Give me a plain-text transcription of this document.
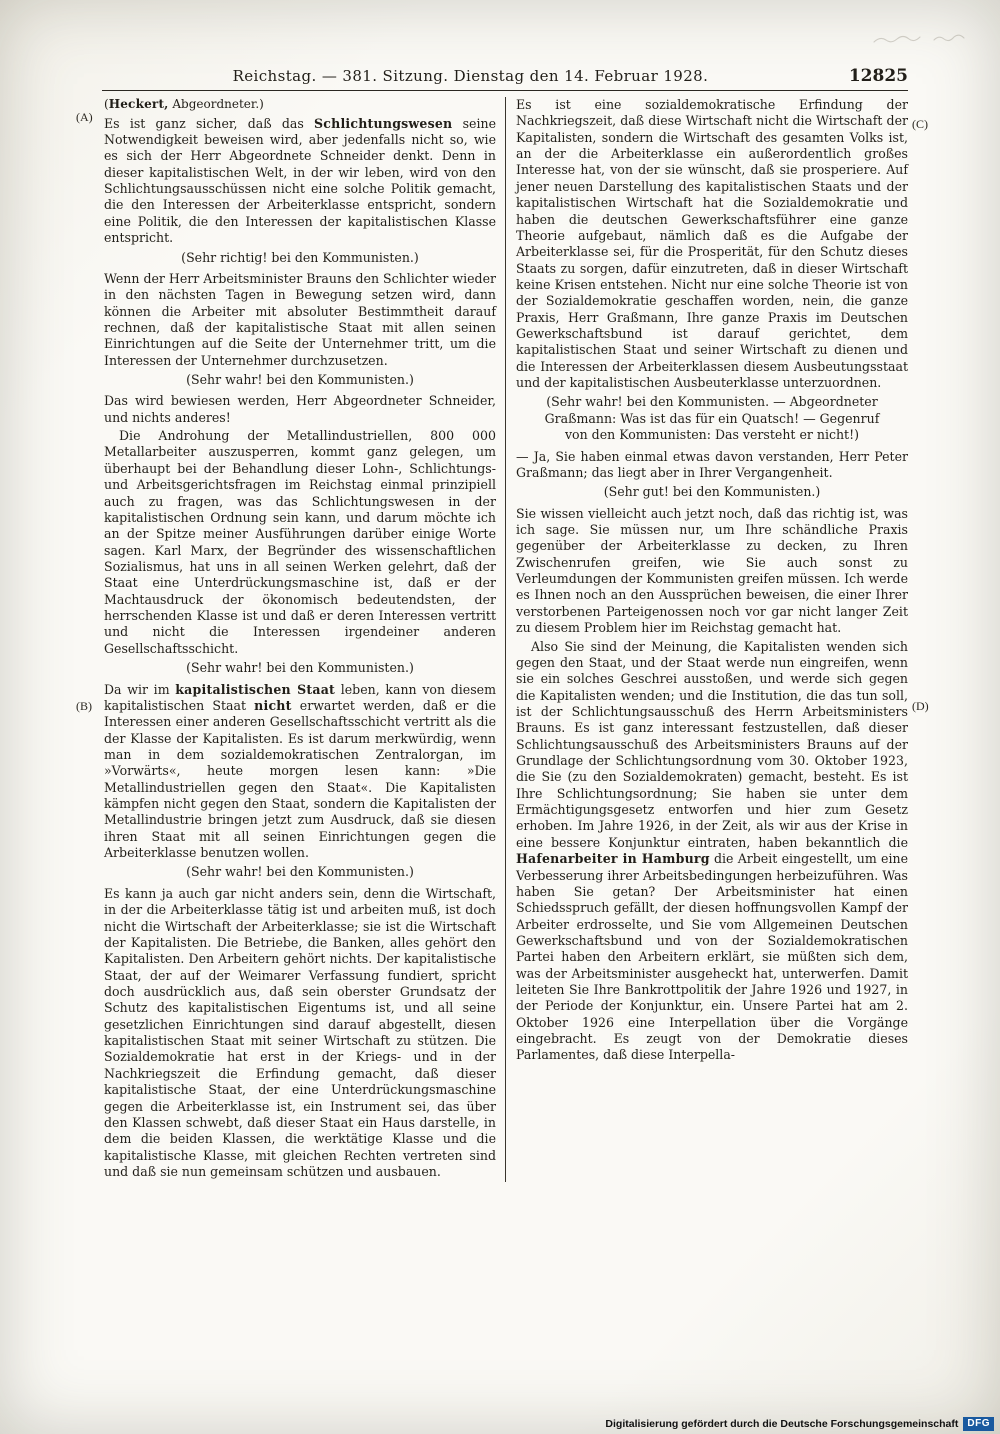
Reichstag. — 381. Sitzung. Dienstag den 14. Februar 1928.	12825
(A)
(B)
(C)
(D)

(Heckert, Abgeordneter.)

Es ist ganz sicher, daß das Schlichtungswesen seine Notwendigkeit beweisen wird, aber jedenfalls nicht so, wie es sich der Herr Abgeordnete Schneider denkt. Denn in dieser kapitalistischen Welt, in der wir leben, wird von den Schlichtungsausschüssen nicht eine solche Politik gemacht, die den Interessen der Arbeiterklasse entspricht, sondern eine Politik, die den Interessen der kapitalistischen Klasse entspricht.

(Sehr richtig! bei den Kommunisten.)

Wenn der Herr Arbeitsminister Brauns den Schlichter wieder in den nächsten Tagen in Bewegung setzen wird, dann können die Arbeiter mit absoluter Bestimmtheit darauf rechnen, daß der kapitalistische Staat mit allen seinen Einrichtungen auf die Seite der Unternehmer tritt, um die Interessen der Unternehmer durchzusetzen.

(Sehr wahr! bei den Kommunisten.)

Das wird bewiesen werden, Herr Abgeordneter Schneider, und nichts anderes!

Die Androhung der Metallindustriellen, 800 000 Metallarbeiter auszusperren, kommt ganz gelegen, um überhaupt bei der Behandlung dieser Lohn-, Schlichtungs- und Arbeitsgerichtsfragen im Reichstag einmal prinzipiell auch zu fragen, was das Schlichtungswesen in der kapitalistischen Ordnung sein kann, und darum möchte ich an der Spitze meiner Ausführungen darüber einige Worte sagen. Karl Marx, der Begründer des wissenschaftlichen Sozialismus, hat uns in all seinen Werken gelehrt, daß der Staat eine Unterdrückungsmaschine ist, daß er der Machtausdruck der ökonomisch bedeutendsten, der herrschenden Klasse ist und daß er deren Interessen vertritt und nicht die Interessen irgendeiner anderen Gesellschaftsschicht.

(Sehr wahr! bei den Kommunisten.)

Da wir im kapitalistischen Staat leben, kann von diesem kapitalistischen Staat nicht erwartet werden, daß er die Interessen einer anderen Gesellschaftsschicht vertritt als die der Klasse der Kapitalisten. Es ist darum merkwürdig, wenn man in dem sozialdemokratischen Zentralorgan, im »Vorwärts«, heute morgen lesen kann: »Die Metallindustriellen gegen den Staat«. Die Kapitalisten kämpfen nicht gegen den Staat, sondern die Kapitalisten der Metallindustrie bringen jetzt zum Ausdruck, daß sie diesen ihren Staat mit all seinen Einrichtungen gegen die Arbeiterklasse benutzen wollen.

(Sehr wahr! bei den Kommunisten.)

Es kann ja auch gar nicht anders sein, denn die Wirtschaft, in der die Arbeiterklasse tätig ist und arbeiten muß, ist doch nicht die Wirtschaft der Arbeiterklasse; sie ist die Wirtschaft der Kapitalisten. Die Betriebe, die Banken, alles gehört den Kapitalisten. Den Arbeitern gehört nichts. Der kapitalistische Staat, der auf der Weimarer Verfassung fundiert, spricht doch ausdrücklich aus, daß sein oberster Grundsatz der Schutz des kapitalistischen Eigentums ist, und all seine gesetzlichen Einrichtungen sind darauf abgestellt, diesen kapitalistischen Staat mit seiner Wirtschaft zu stützen. Die Sozialdemokratie hat erst in der Kriegs- und in der Nachkriegszeit die Erfindung gemacht, daß dieser kapitalistische Staat, der eine Unterdrückungsmaschine gegen die Arbeiterklasse ist, ein Instrument sei, das über den Klassen schwebt, daß dieser Staat ein Haus darstelle, in dem die beiden Klassen, die werktätige Klasse und die kapitalistische Klasse, mit gleichen Rechten vertreten sind und daß sie nun gemeinsam schützen und ausbauen.

Es ist eine sozialdemokratische Erfindung der Nachkriegszeit, daß diese Wirtschaft nicht die Wirtschaft der Kapitalisten, sondern die Wirtschaft des gesamten Volks ist, an der die Arbeiterklasse ein außerordentlich großes Interesse hat, von der sie wünscht, daß sie prosperiere. Auf jener neuen Darstellung des kapitalistischen Staats und der kapitalistischen Wirtschaft hat die Sozialdemokratie und haben die deutschen Gewerkschaftsführer eine ganze Theorie aufgebaut, nämlich daß es die Aufgabe der Arbeiterklasse sei, für die Prosperität, für den Schutz dieses Staats zu sorgen, dafür einzutreten, daß in dieser Wirtschaft keine Krisen entstehen. Nicht nur eine solche Theorie ist von der Sozialdemokratie geschaffen worden, nein, die ganze Praxis, Herr Graßmann, Ihre ganze Praxis im Deutschen Gewerkschaftsbund ist darauf gerichtet, dem kapitalistischen Staat und seiner Wirtschaft zu dienen und die Interessen der Arbeiterklassen diesem Ausbeutungsstaat und der kapitalistischen Ausbeuterklasse unterzuordnen.

(Sehr wahr! bei den Kommunisten. — Abgeordneter Graßmann: Was ist das für ein Quatsch! — Gegenruf von den Kommunisten: Das versteht er nicht!)

— Ja, Sie haben einmal etwas davon verstanden, Herr Peter Graßmann; das liegt aber in Ihrer Vergangenheit.

(Sehr gut! bei den Kommunisten.)

Sie wissen vielleicht auch jetzt noch, daß das richtig ist, was ich sage. Sie müssen nur, um Ihre schändliche Praxis gegenüber der Arbeiterklasse zu decken, zu Ihren Zwischenrufen greifen, wie Sie auch sonst zu Verleumdungen der Kommunisten greifen müssen. Ich werde es Ihnen noch an den Aussprüchen beweisen, die einer Ihrer verstorbenen Parteigenossen noch vor gar nicht langer Zeit zu diesem Problem hier im Reichstag gemacht hat.

Also Sie sind der Meinung, die Kapitalisten wenden sich gegen den Staat, und der Staat werde nun eingreifen, wenn sie ein solches Geschrei ausstoßen, und werde sich gegen die Kapitalisten wenden; und die Institution, die das tun soll, ist der Schlichtungsausschuß des Herrn Arbeitsministers Brauns. Es ist ganz interessant festzustellen, daß dieser Schlichtungsausschuß des Arbeitsministers Brauns auf der Grundlage der Schlichtungsordnung vom 30. Oktober 1923, die Sie (zu den Sozialdemokraten) gemacht, besteht. Es ist Ihre Schlichtungsordnung; Sie haben sie unter dem Ermächtigungsgesetz entworfen und hier zum Gesetz erhoben. Im Jahre 1926, in der Zeit, als wir aus der Krise in eine bessere Konjunktur eintraten, haben bekanntlich die Hafenarbeiter in Hamburg die Arbeit eingestellt, um eine Verbesserung ihrer Arbeitsbedingungen herbeizuführen. Was haben Sie getan? Der Arbeitsminister hat einen Schiedsspruch gefällt, der diesen hoffnungsvollen Kampf der Arbeiter erdrosselte, und Sie vom Allgemeinen Deutschen Gewerkschaftsbund und von der Sozialdemokratischen Partei haben den Arbeitern erklärt, sie müßten sich dem, was der Arbeitsminister ausgeheckt hat, unterwerfen. Damit leiteten Sie Ihre Bankrottpolitik der Jahre 1926 und 1927, in der Periode der Konjunktur, ein. Unsere Partei hat am 2. Oktober 1926 eine Interpellation über die Vorgänge eingebracht. Es zeugt von der Demokratie dieses Parlamentes, daß diese Interpella-

Digitalisierung gefördert durch die Deutsche Forschungsgemeinschaft DFG
